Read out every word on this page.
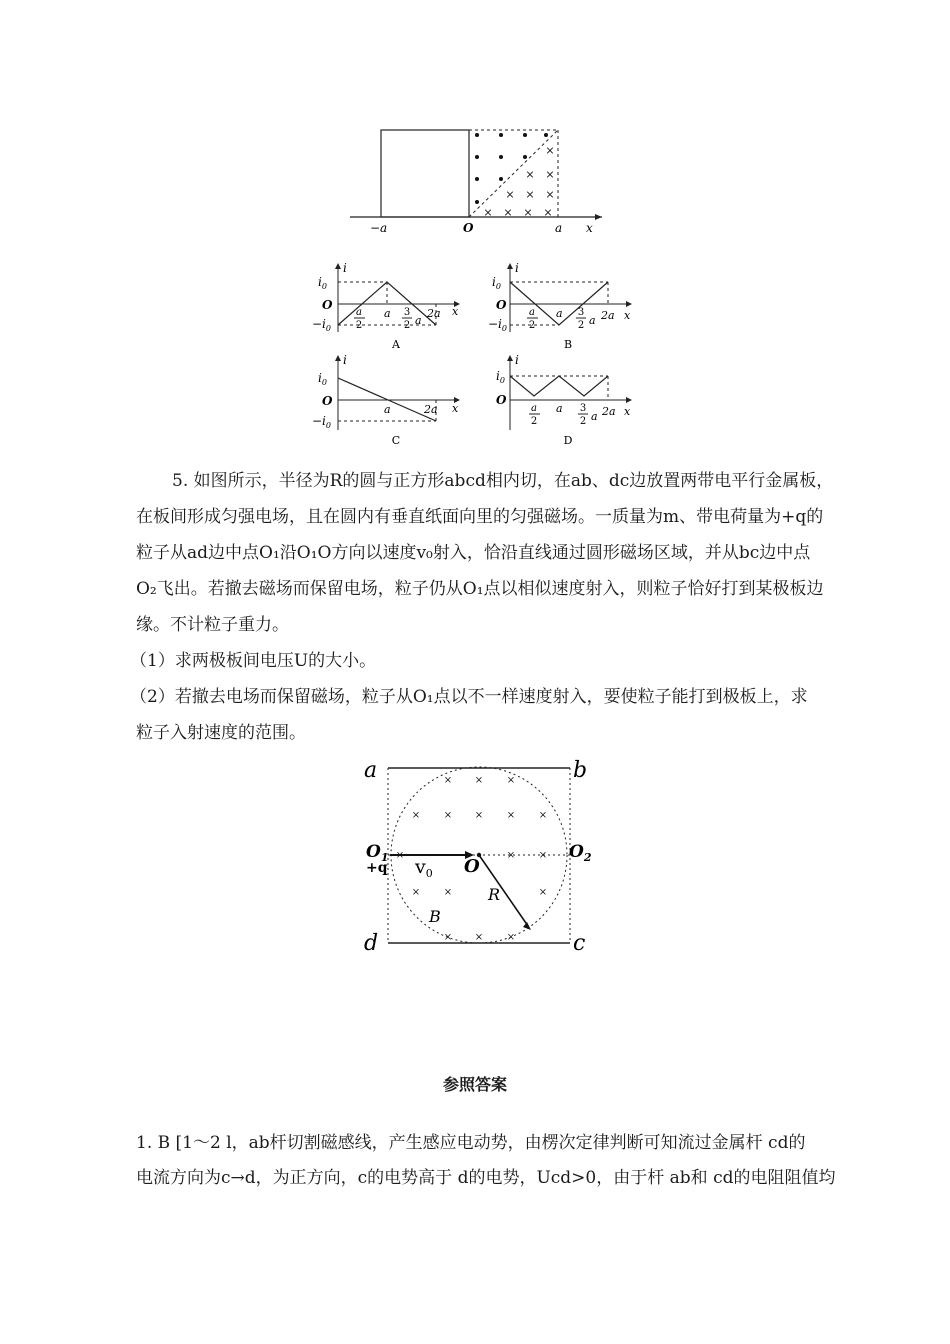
×
× ×
× × ×
× × × ×
−a	O	a x
i
$i_0$
O
$-i_0$
a
2
a 3
2 a
2a x
A
i
$i_0$
O
$-i_0$
a
2
a 3
2 a 2a x
B
i
$i_0$
O
$-i_0$
a	2a x
C
i
$i_0$
O
a
2
a 3
2 a 2a x
D
5. 如图所示，半径为R的圆与正方形abcd相内切，在ab、dc边放置两带电平行金属板，
在板间形成匀强电场，且在圆内有垂直纸面向里的匀强磁场。一质量为m、带电荷量为+q的
粒子从ad边中点O₁沿O₁O方向以速度v₀射入，恰沿直线通过圆形磁场区域，并从bc边中点
O₂飞出。若撤去磁场而保留电场，粒子仍从O₁点以相似速度射入，则粒子恰好打到某极板边
缘。不计粒子重力。
（1）求两极板间电压U的大小。
（2）若撤去电场而保留磁场，粒子从O₁点以不一样速度射入，要使粒子能打到极板上，求
粒子入射速度的范围。
× × ×
× × × × ×
×	× ×
× ×	×
× × ×
a	b
c
d
$O_1$	$O_2$
+q $v_0$ O
R
B
参照答案
1. B [1～2 l，ab杆切割磁感线，产生感应电动势，由楞次定律判断可知流过金属杆 cd的
电流方向为c→d，为正方向，c的电势高于 d的电势，Ucd>0，由于杆 ab和 cd的电阻阻值均
